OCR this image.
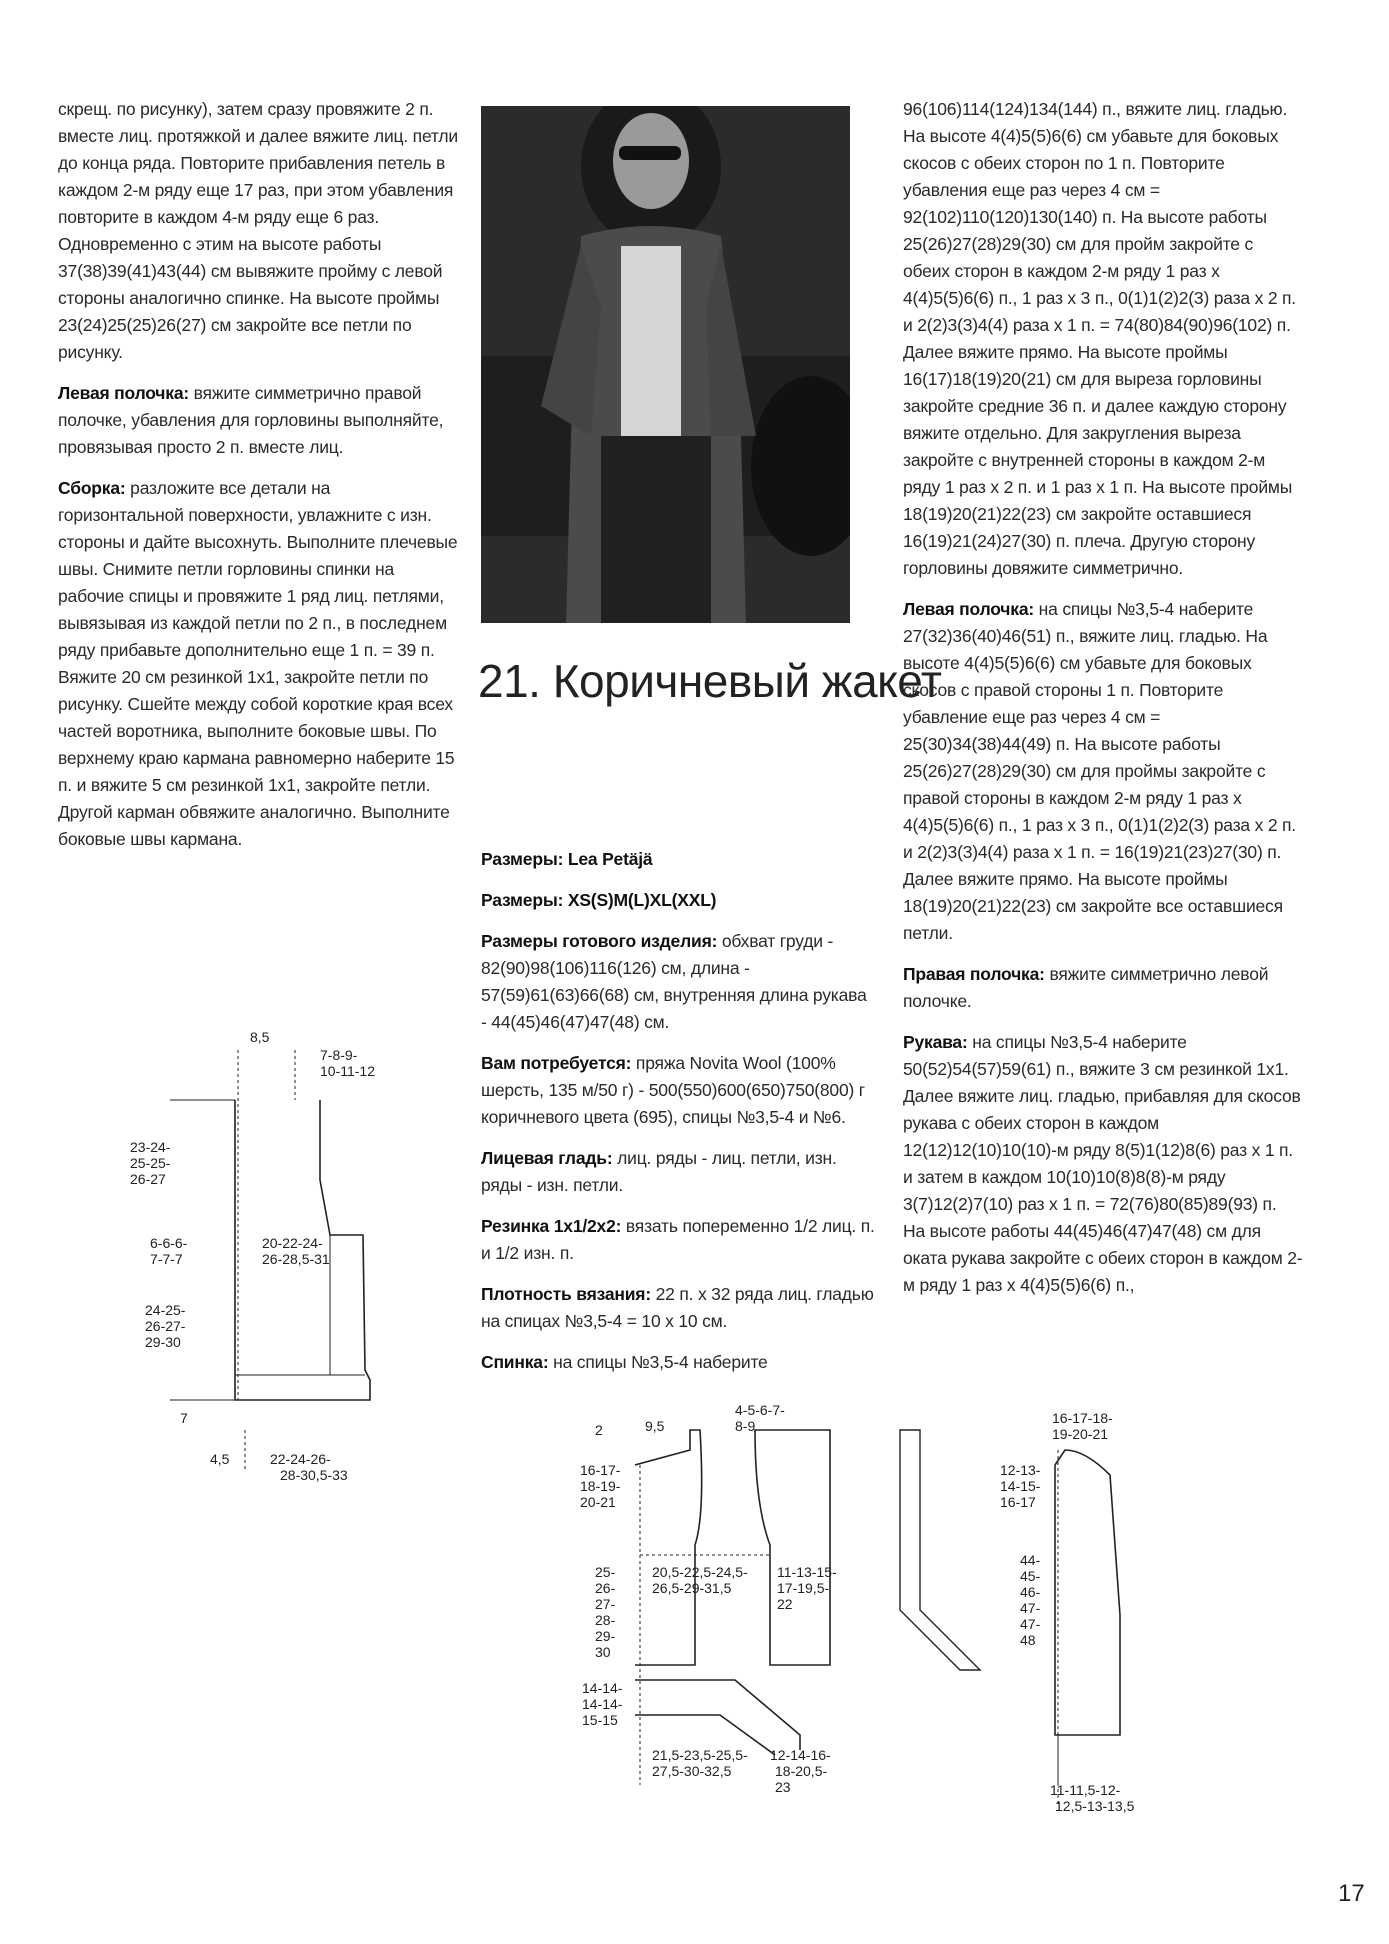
скрещ. по рисунку), затем сразу провяжите 2 п. вместе лиц. протяжкой и далее вяжите лиц. петли до конца ряда. Повторите прибавления петель в каждом 2-м ряду еще 17 раз, при этом убавления повторите в каждом 4-м ряду еще 6 раз. Одновременно с этим на высоте работы 37(38)39(41)43(44) см вывяжите пройму с левой стороны аналогично спинке. На высоте проймы 23(24)25(25)26(27) см закройте все петли по рисунку.

Левая полочка: вяжите симметрично правой полочке, убавления для горловины выполняйте, провязывая просто 2 п. вместе лиц.

Сборка: разложите все детали на горизонтальной поверхности, увлажните с изн. стороны и дайте высохнуть. Выполните плечевые швы. Снимите петли горловины спинки на рабочие спицы и провяжите 1 ряд лиц. петлями, вывязывая из каждой петли по 2 п., в последнем ряду прибавьте дополнительно еще 1 п. = 39 п. Вяжите 20 см резинкой 1х1, закройте петли по рисунку. Сшейте между собой короткие края всех частей воротника, выполните боковые швы. По верхнему краю кармана равномерно наберите 15 п. и вяжите 5 см резинкой 1х1, закройте петли. Другой карман обвяжите аналогично. Выполните боковые швы кармана.

21. Коричневый жакет

Размеры: Lea Petäjä

Размеры: XS(S)M(L)XL(XXL)

Размеры готового изделия: обхват груди - 82(90)98(106)116(126) см, длина - 57(59)61(63)66(68) см, внутренняя длина рукава - 44(45)46(47)47(48) см.

Вам потребуется: пряжа Novita Wool (100% шерсть, 135 м/50 г) - 500(550)600(650)750(800) г коричневого цвета (695), спицы №3,5-4 и №6.

Лицевая гладь: лиц. ряды - лиц. петли, изн. ряды - изн. петли.

Резинка 1х1/2х2: вязать попеременно 1/2 лиц. п. и 1/2 изн. п.

Плотность вязания: 22 п. х 32 ряда лиц. гладью на спицах №3,5-4 = 10 х 10 см.

Спинка: на спицы №3,5-4 наберите

96(106)114(124)134(144) п., вяжите лиц. гладью. На высоте 4(4)5(5)6(6) см убавьте для боковых скосов с обеих сторон по 1 п. Повторите убавления еще раз через 4 см = 92(102)110(120)130(140) п. На высоте работы 25(26)27(28)29(30) см для пройм закройте с обеих сторон в каждом 2-м ряду 1 раз х 4(4)5(5)6(6) п., 1 раз х 3 п., 0(1)1(2)2(3) раза х 2 п. и 2(2)3(3)4(4) раза х 1 п. = 74(80)84(90)96(102) п. Далее вяжите прямо. На высоте проймы 16(17)18(19)20(21) см для выреза горловины закройте средние 36 п. и далее каждую сторону вяжите отдельно. Для закругления выреза закройте с внутренней стороны в каждом 2-м ряду 1 раз х 2 п. и 1 раз х 1 п. На высоте проймы 18(19)20(21)22(23) см закройте оставшиеся 16(19)21(24)27(30) п. плеча. Другую сторону горловины довяжите симметрично.

Левая полочка: на спицы №3,5-4 наберите 27(32)36(40)46(51) п., вяжите лиц. гладью. На высоте 4(4)5(5)6(6) см убавьте для боковых скосов с правой стороны 1 п. Повторите убавление еще раз через 4 см = 25(30)34(38)44(49) п. На высоте работы 25(26)27(28)29(30) см для проймы закройте с правой стороны в каждом 2-м ряду 1 раз х 4(4)5(5)6(6) п., 1 раз х 3 п., 0(1)1(2)2(3) раза х 2 п. и 2(2)3(3)4(4) раза х 1 п. = 16(19)21(23)27(30) п. Далее вяжите прямо. На высоте проймы 18(19)20(21)22(23) см закройте все оставшиеся петли.

Правая полочка: вяжите симметрично левой полочке.

Рукава: на спицы №3,5-4 наберите 50(52)54(57)59(61) п., вяжите 3 см резинкой 1х1. Далее вяжите лиц. гладью, прибавляя для скосов рукава с обеих сторон в каждом 12(12)12(10)10(10)-м ряду 8(5)1(12)8(6) раз х 1 п. и затем в каждом 10(10)10(8)8(8)-м ряду 3(7)12(2)7(10) раз х 1 п. = 72(76)80(85)89(93) п. На высоте работы 44(45)46(47)47(48) см для оката рукава закройте с обеих сторон в каждом 2-м ряду 1 раз х 4(4)5(5)6(6) п.,

8,5
7-8-9-
10-11-12
23-24-
25-25-
26-27
6-6-6-
7-7-7
20-22-24-
26-28,5-31
24-25-
26-27-
29-30
7
4,5	22-24-26-
28-30,5-33
2	9,5
4-5-6-7-
8-9
16-17-
18-19-
20-21
25-
26-
27-
28-
29-
30
20,5-22,5-24,5-
26,5-29-31,5
11-13-15-
17-19,5-
22
14-14-
14-14-
15-15
21,5-23,5-25,5-
27,5-30-32,5
12-14-16-
18-20,5-
23
16-17-18-
19-20-21
12-13-
14-15-
16-17
44-
45-
46-
47-
47-
48
11-11,5-12-
12,5-13-13,5
17
